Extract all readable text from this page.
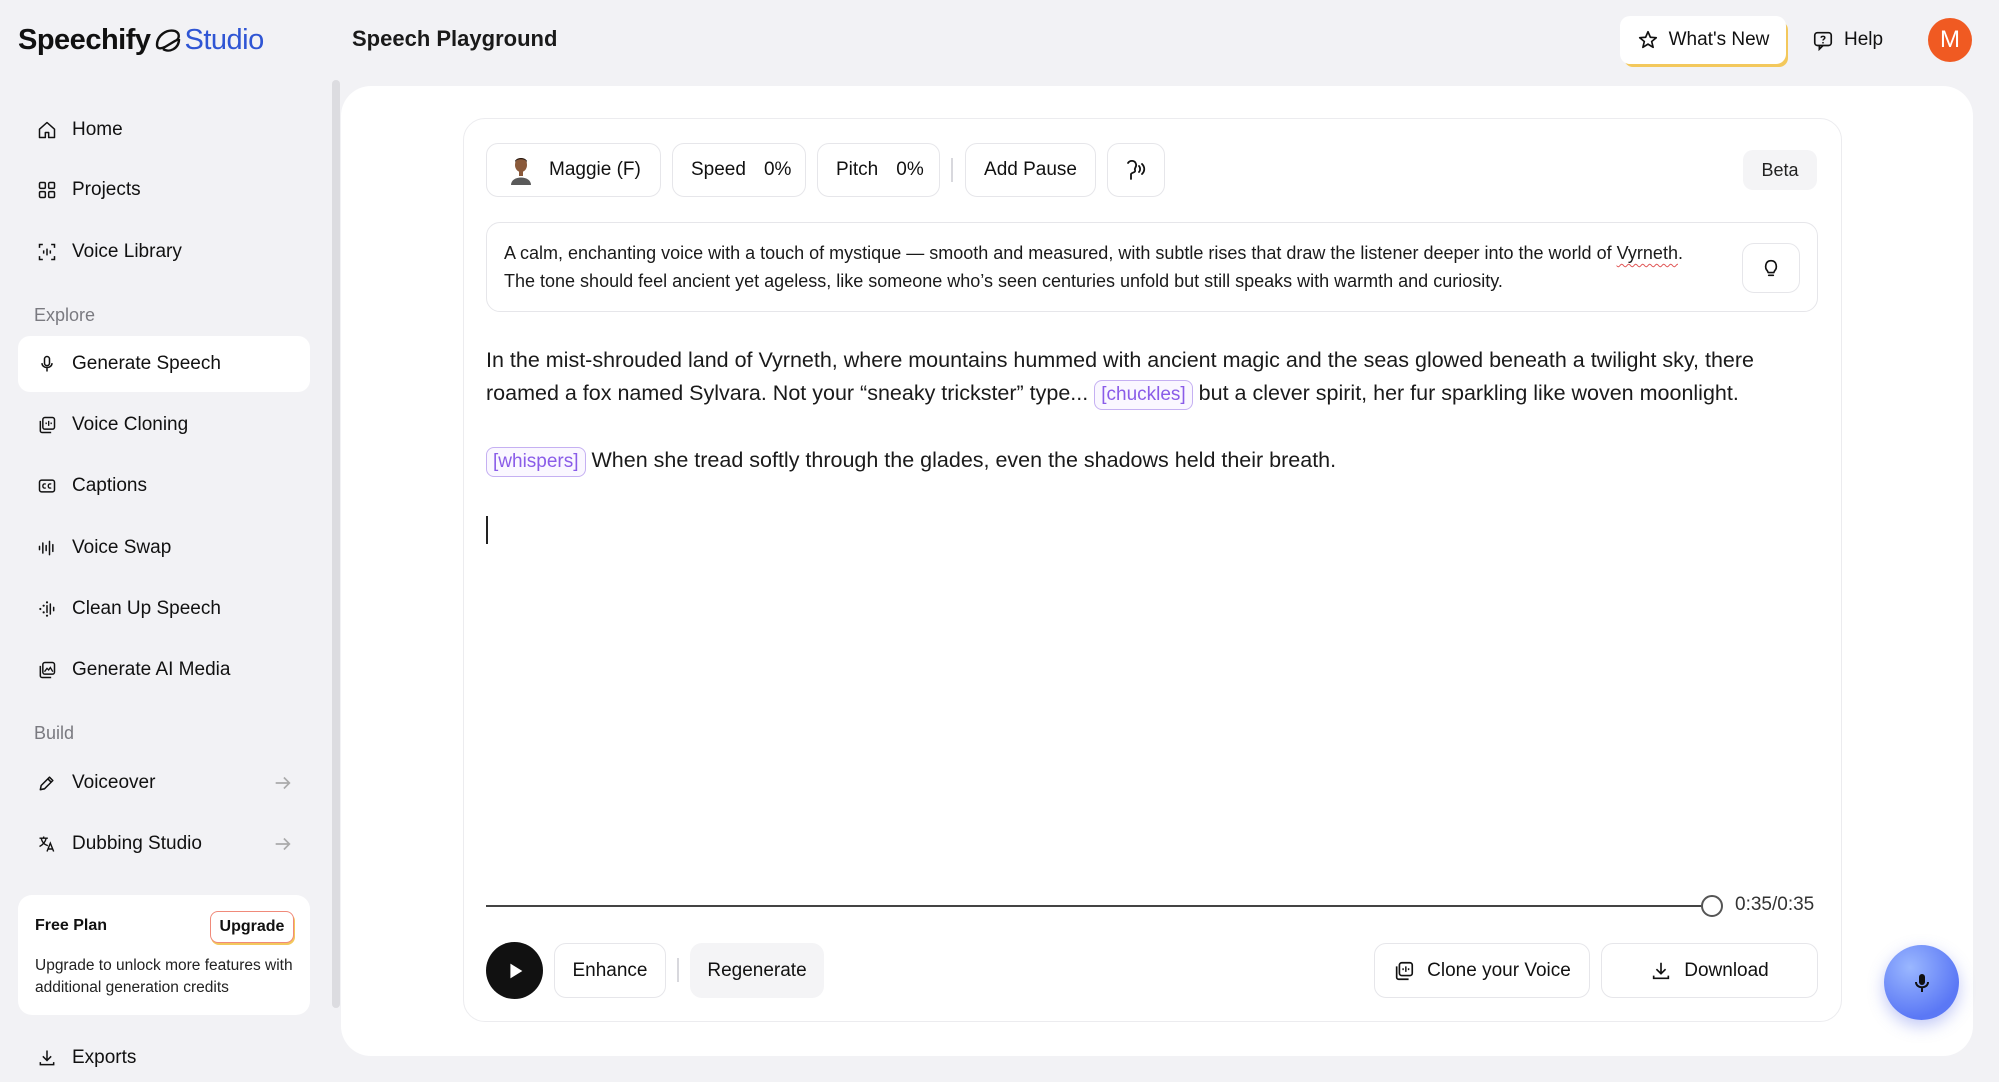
Speechify Studio	Speech Playground	What's New	Help	M
Home
Projects
Voice Library
Explore
Generate Speech
Voice Cloning
Captions
Voice Swap
Clean Up Speech
Generate AI Media
Build
Voiceover
Dubbing Studio
Free Plan	Upgrade
Upgrade to unlock more features with additional generation credits
Exports
Maggie (F)	Speed 0% Pitch 0%	Add Pause	Beta
A calm, enchanting voice with a touch of mystique — smooth and measured, with subtle rises that draw the listener deeper into the world of Vyrneth. The tone should feel ancient yet ageless, like someone who’s seen centuries unfold but still speaks with warmth and curiosity.

In the mist-shrouded land of Vyrneth, where mountains hummed with ancient magic and the seas glowed beneath a twilight sky, there roamed a fox named Sylvara. Not your “sneaky trickster” type... [chuckles] but a clever spirit, her fur sparkling like woven moonlight.

[whispers] When she tread softly through the glades, even the shadows held their breath.

0:35/0:35
Enhance	Regenerate	Clone your Voice	Download
